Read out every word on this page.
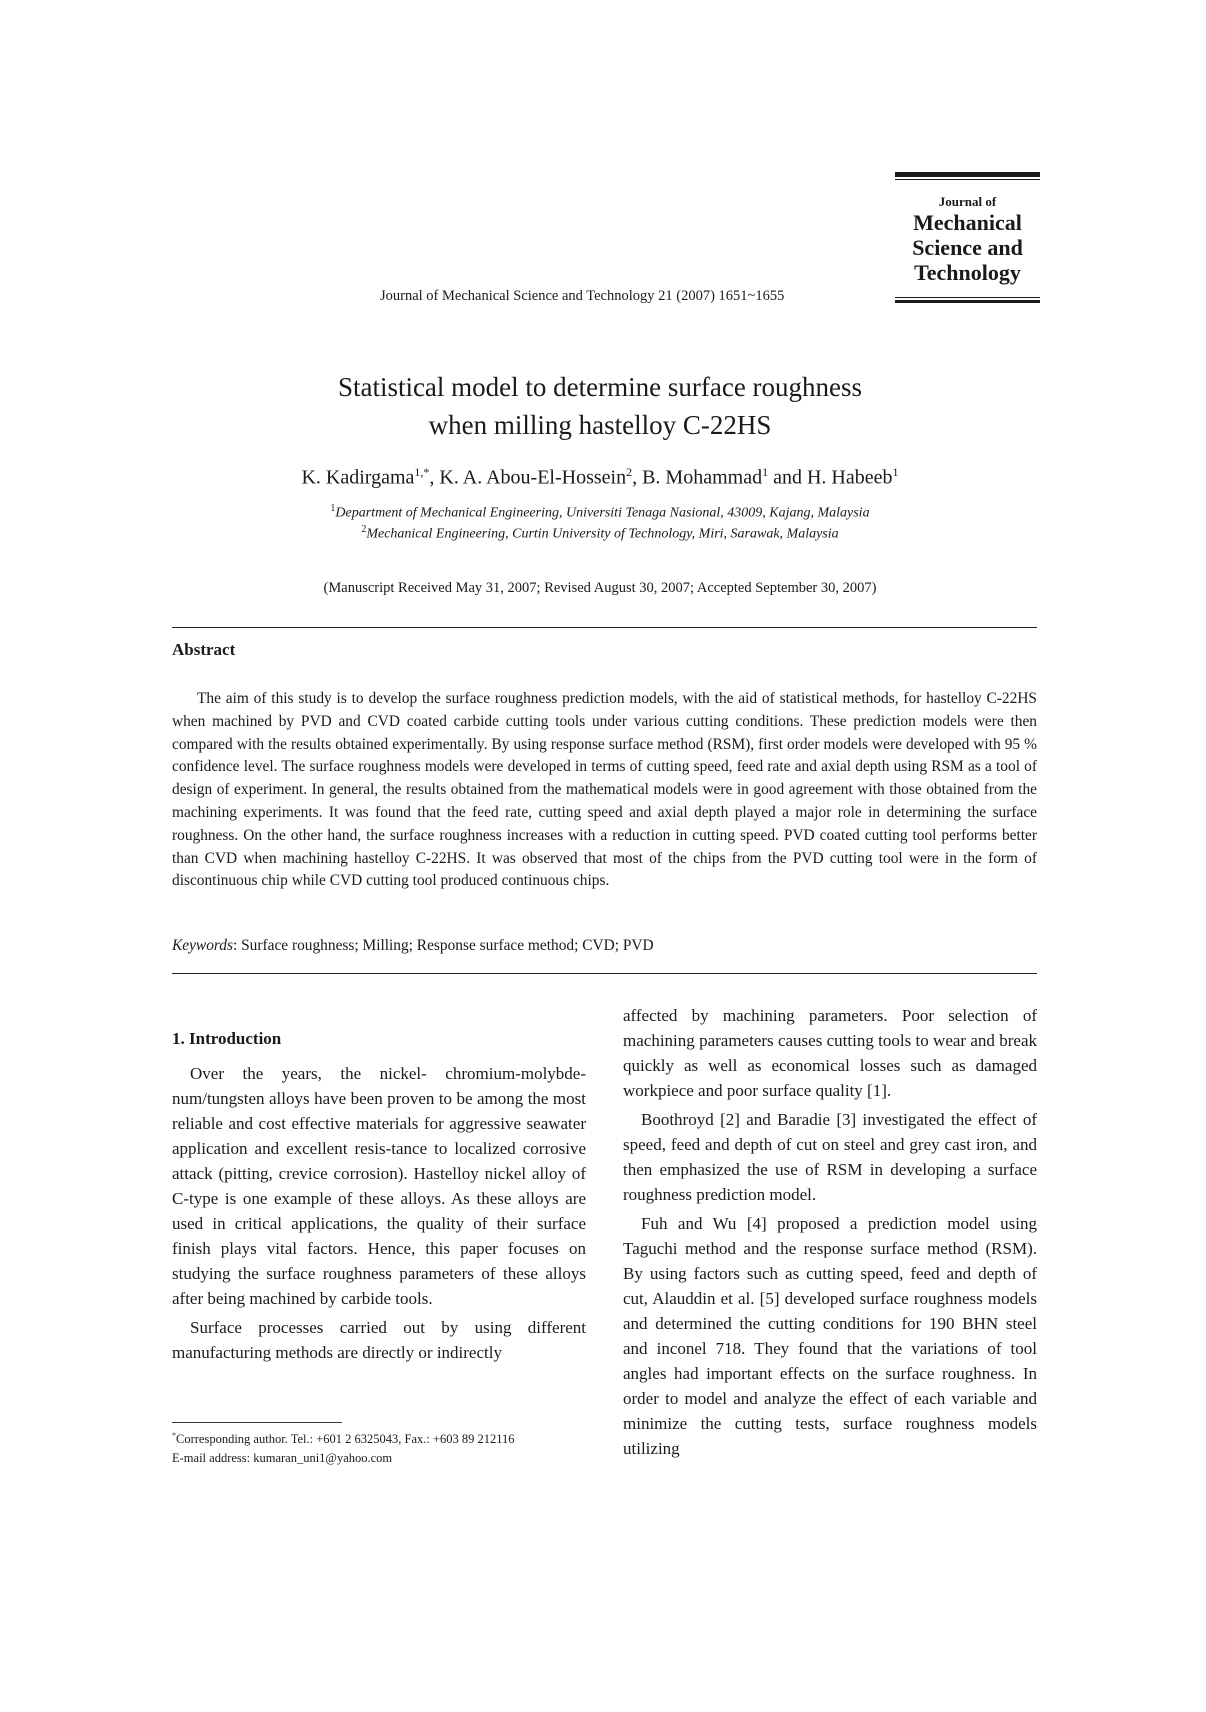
Journal of
Mechanical
Science and
Technology
Journal of Mechanical Science and Technology 21 (2007) 1651~1655
Statistical model to determine surface roughness
when milling hastelloy C-22HS
K. Kadirgama$^{1,*}$, K. A. Abou-El-Hossein$^2$, B. Mohammad$^1$ and H. Habeeb$^1$
$^1$Department of Mechanical Engineering, Universiti Tenaga Nasional, 43009, Kajang, Malaysia
$^2$Mechanical Engineering, Curtin University of Technology, Miri, Sarawak, Malaysia
(Manuscript Received May 31, 2007; Revised August 30, 2007; Accepted September 30, 2007)
Abstract
The aim of this study is to develop the surface roughness prediction models, with the aid of statistical methods, for hastelloy C-22HS when machined by PVD and CVD coated carbide cutting tools under various cutting conditions. These prediction models were then compared with the results obtained experimentally. By using response surface method (RSM), first order models were developed with 95 % confidence level. The surface roughness models were developed in terms of cutting speed, feed rate and axial depth using RSM as a tool of design of experiment. In general, the results obtained from the mathematical models were in good agreement with those obtained from the machining experiments. It was found that the feed rate, cutting speed and axial depth played a major role in determining the surface roughness. On the other hand, the surface roughness increases with a reduction in cutting speed. PVD coated cutting tool performs better than CVD when machining hastelloy C-22HS. It was observed that most of the chips from the PVD cutting tool were in the form of discontinuous chip while CVD cutting tool produced continuous chips.
Keywords: Surface roughness; Milling; Response surface method; CVD; PVD

1. Introduction

Over the years, the nickel- chromium-molybde-num/tungsten alloys have been proven to be among the most reliable and cost effective materials for aggressive seawater application and excellent resis-tance to localized corrosive attack (pitting, crevice corrosion). Hastelloy nickel alloy of C-type is one example of these alloys. As these alloys are used in critical applications, the quality of their surface finish plays vital factors. Hence, this paper focuses on studying the surface roughness parameters of these alloys after being machined by carbide tools.

Surface processes carried out by using different manufacturing methods are directly or indirectly

affected by machining parameters. Poor selection of machining parameters causes cutting tools to wear and break quickly as well as economical losses such as damaged workpiece and poor surface quality [1].

Boothroyd [2] and Baradie [3] investigated the effect of speed, feed and depth of cut on steel and grey cast iron, and then emphasized the use of RSM in developing a surface roughness prediction model.

Fuh and Wu [4] proposed a prediction model using Taguchi method and the response surface method (RSM). By using factors such as cutting speed, feed and depth of cut, Alauddin et al. [5] developed surface roughness models and determined the cutting conditions for 190 BHN steel and inconel 718. They found that the variations of tool angles had important effects on the surface roughness. In order to model and analyze the effect of each variable and minimize the cutting tests, surface roughness models utilizing

*Corresponding author. Tel.: +601 2 6325043, Fax.: +603 89 212116
E-mail address: kumaran_uni1@yahoo.com
